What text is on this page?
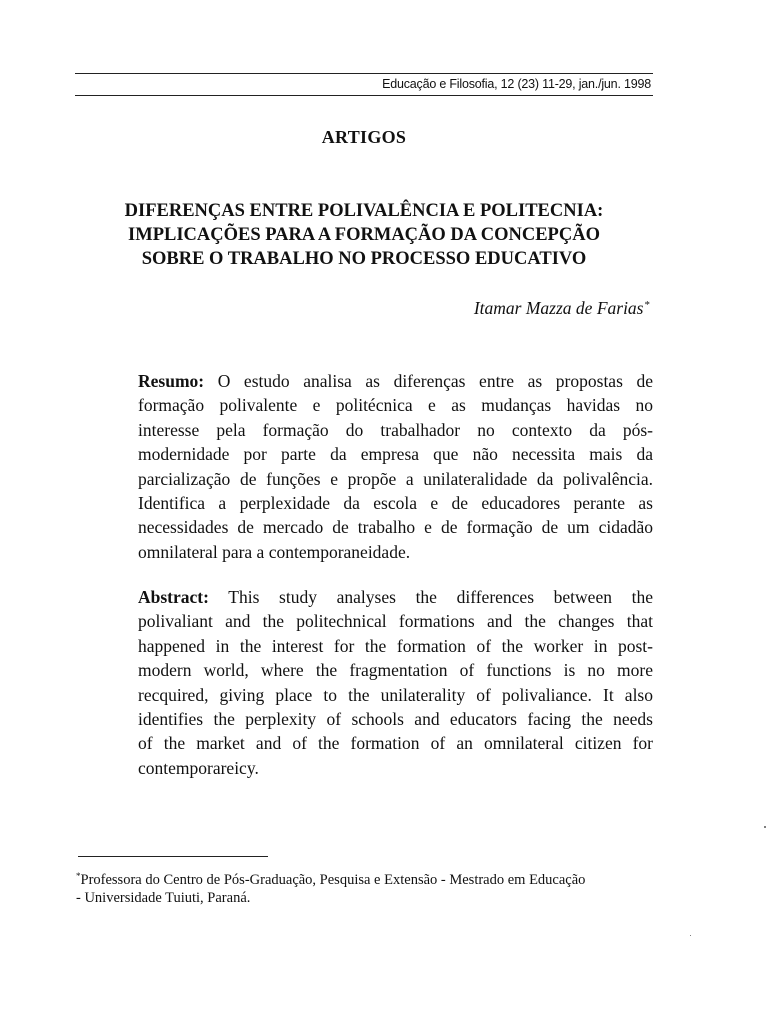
Educação e Filosofia, 12 (23) 11-29, jan./jun. 1998
ARTIGOS
DIFERENÇAS ENTRE POLIVALÊNCIA E POLITECNIA:
IMPLICAÇÕES PARA A FORMAÇÃO DA CONCEPÇÃO
SOBRE O TRABALHO NO PROCESSO EDUCATIVO
Itamar Mazza de Farias*
Resumo: O estudo analisa as diferenças entre as propostas de
formação polivalente e politécnica e as mudanças havidas no
interesse pela formação do trabalhador no contexto da pós-
modernidade por parte da empresa que não necessita mais da
parcialização de funções e propõe a unilateralidade da polivalência.
Identifica a perplexidade da escola e de educadores perante as
necessidades de mercado de trabalho e de formação de um cidadão
omnilateral para a contemporaneidade.
Abstract: This study analyses the differences between the
polivaliant and the politechnical formations and the changes that
happened in the interest for the formation of the worker in post-
modern world, where the fragmentation of functions is no more
recquired, giving place to the unilaterality of polivaliance. It also
identifies the perplexity of schools and educators facing the needs
of the market and of the formation of an omnilateral citizen for
contemporareicy.
*Professora do Centro de Pós-Graduação, Pesquisa e Extensão - Mestrado em Educação
- Universidade Tuiuti, Paraná.
